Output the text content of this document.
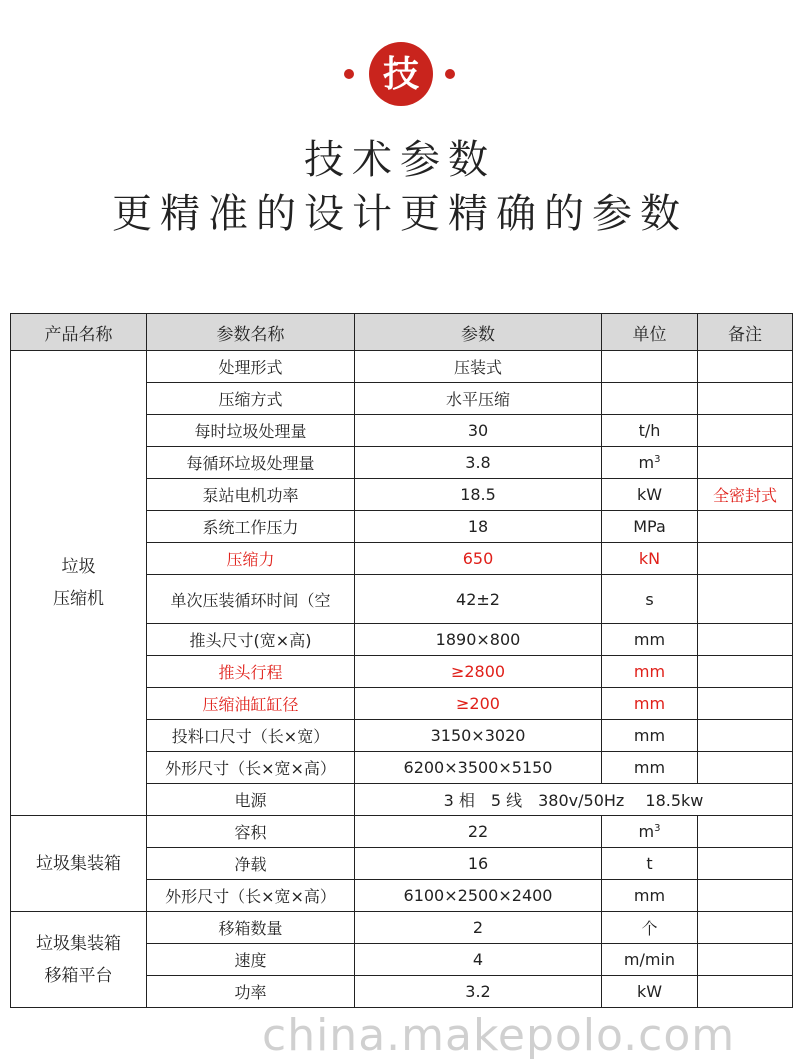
技
技术参数
更精准的设计更精确的参数
产品名称	参数名称	参数	单位	备注
垃圾
压缩机	处理形式	压装式		
	压缩方式	水平压缩		
	每时垃圾处理量	30	t/h	
	每循环垃圾处理量	3.8	$m^3$	
	泵站电机功率	18.5	kW	全密封式
	系统工作压力	18	MPa	
	压缩力	650	kN	
	单次压装循环时间（空	42±2	s	
	推头尺寸(宽×高)	1890×800	mm	
	推头行程	≥2800	mm	
	压缩油缸缸径	≥200	mm	
	投料口尺寸（长×宽）	3150×3020	mm	
	外形尺寸（长×宽×高）	6200×3500×5150	mm	
	电源	3 相　5 线　380v/50Hz　 18.5kw		
垃圾集装箱	容积	22	$m^3$	
	净载	16	t	
	外形尺寸（长×宽×高）	6100×2500×2400	mm	
垃圾集装箱
移箱平台	移箱数量	2	个	
	速度	4	m/min	
	功率	3.2	kW	
china.makepolo.com
